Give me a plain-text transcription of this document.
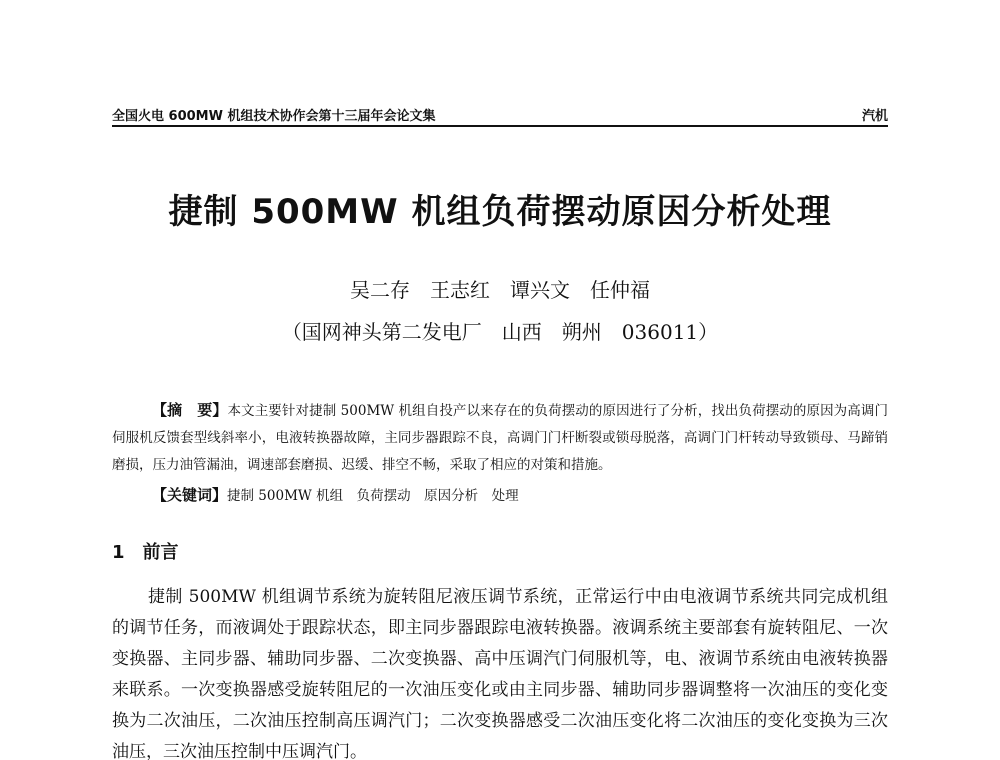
全国火电 600MW 机组技术协作会第十三届年会论文集	汽机
捷制 500MW 机组负荷摆动原因分析处理
吴二存　王志红　谭兴文　任仲福
（国网神头第二发电厂　山西　朔州　036011）
【摘　要】本文主要针对捷制 500MW 机组自投产以来存在的负荷摆动的原因进行了分析，找出负荷摆动的原因为高调门伺服机反馈套型线斜率小，电液转换器故障，主同步器跟踪不良，高调门门杆断裂或锁母脱落，高调门门杆转动导致锁母、马蹄销磨损，压力油管漏油，调速部套磨损、迟缓、排空不畅，采取了相应的对策和措施。
【关键词】捷制 500MW 机组　负荷摆动　原因分析　处理
1 前言
捷制 500MW 机组调节系统为旋转阻尼液压调节系统，正常运行中由电液调节系统共同完成机组的调节任务，而液调处于跟踪状态，即主同步器跟踪电液转换器。液调系统主要部套有旋转阻尼、一次变换器、主同步器、辅助同步器、二次变换器、高中压调汽门伺服机等，电、液调节系统由电液转换器来联系。一次变换器感受旋转阻尼的一次油压变化或由主同步器、辅助同步器调整将一次油压的变化变换为二次油压，二次油压控制高压调汽门；二次变换器感受二次油压变化将二次油压的变化变换为三次油压，三次油压控制中压调汽门。
